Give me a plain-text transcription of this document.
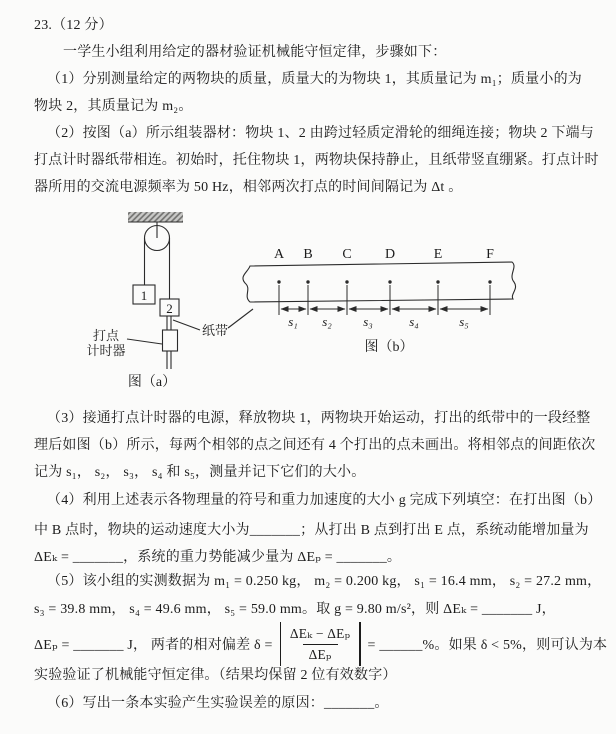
23.（12 分）
一学生小组利用给定的器材验证机械能守恒定律，步骤如下：
（1）分别测量给定的两物块的质量，质量大的为物块 1，其质量记为 m₁；质量小的为
物块 2，其质量记为 m₂。
（2）按图（a）所示组装器材：物块 1、2 由跨过轻质定滑轮的细绳连接；物块 2 下端与
打点计时器纸带相连。初始时，托住物块 1，两物块保持静止，且纸带竖直绷紧。打点计时
器所用的交流电源频率为 50 Hz，相邻两次打点的时间间隔记为 Δt 。
（3）接通打点计时器的电源，释放物块 1，两物块开始运动，打出的纸带中的一段经整
理后如图（b）所示，每两个相邻的点之间还有 4 个打出的点未画出。将相邻点的间距依次
记为 s₁， s₂， s₃， s₄ 和 s₅，测量并记下它们的大小。
（4）利用上述表示各物理量的符号和重力加速度的大小 g 完成下列填空：在打出图（b）
中 B 点时，物块的运动速度大小为_______；从打出 B 点到打出 E 点，系统动能增加量为
ΔEₖ = _______，系统的重力势能减少量为 ΔEₚ = _______。
（5）该小组的实测数据为 m₁ = 0.250 kg， m₂ = 0.200 kg， s₁ = 16.4 mm， s₂ = 27.2 mm，
s₃ = 39.8 mm， s₄ = 49.6 mm， s₅ = 59.0 mm。取 g = 9.80 m/s²，则 ΔEₖ = _______ J，
ΔEₚ = _______ J， 两者的相对偏差 $\delta = \frac{\text{ΔEₖ − ΔEₚ}}{\text{ΔEₚ}}$ = ______%。如果 δ < 5%，则可认为本
实验验证了机械能守恒定律。（结果均保留 2 位有效数字）
（6）写出一条本实验产生实验误差的原因：_______。
1
2
打点
计时器
纸带
图（a）
A B C D	E	F
s₁ s₂ s₃	s₄	s₅
图（b）
